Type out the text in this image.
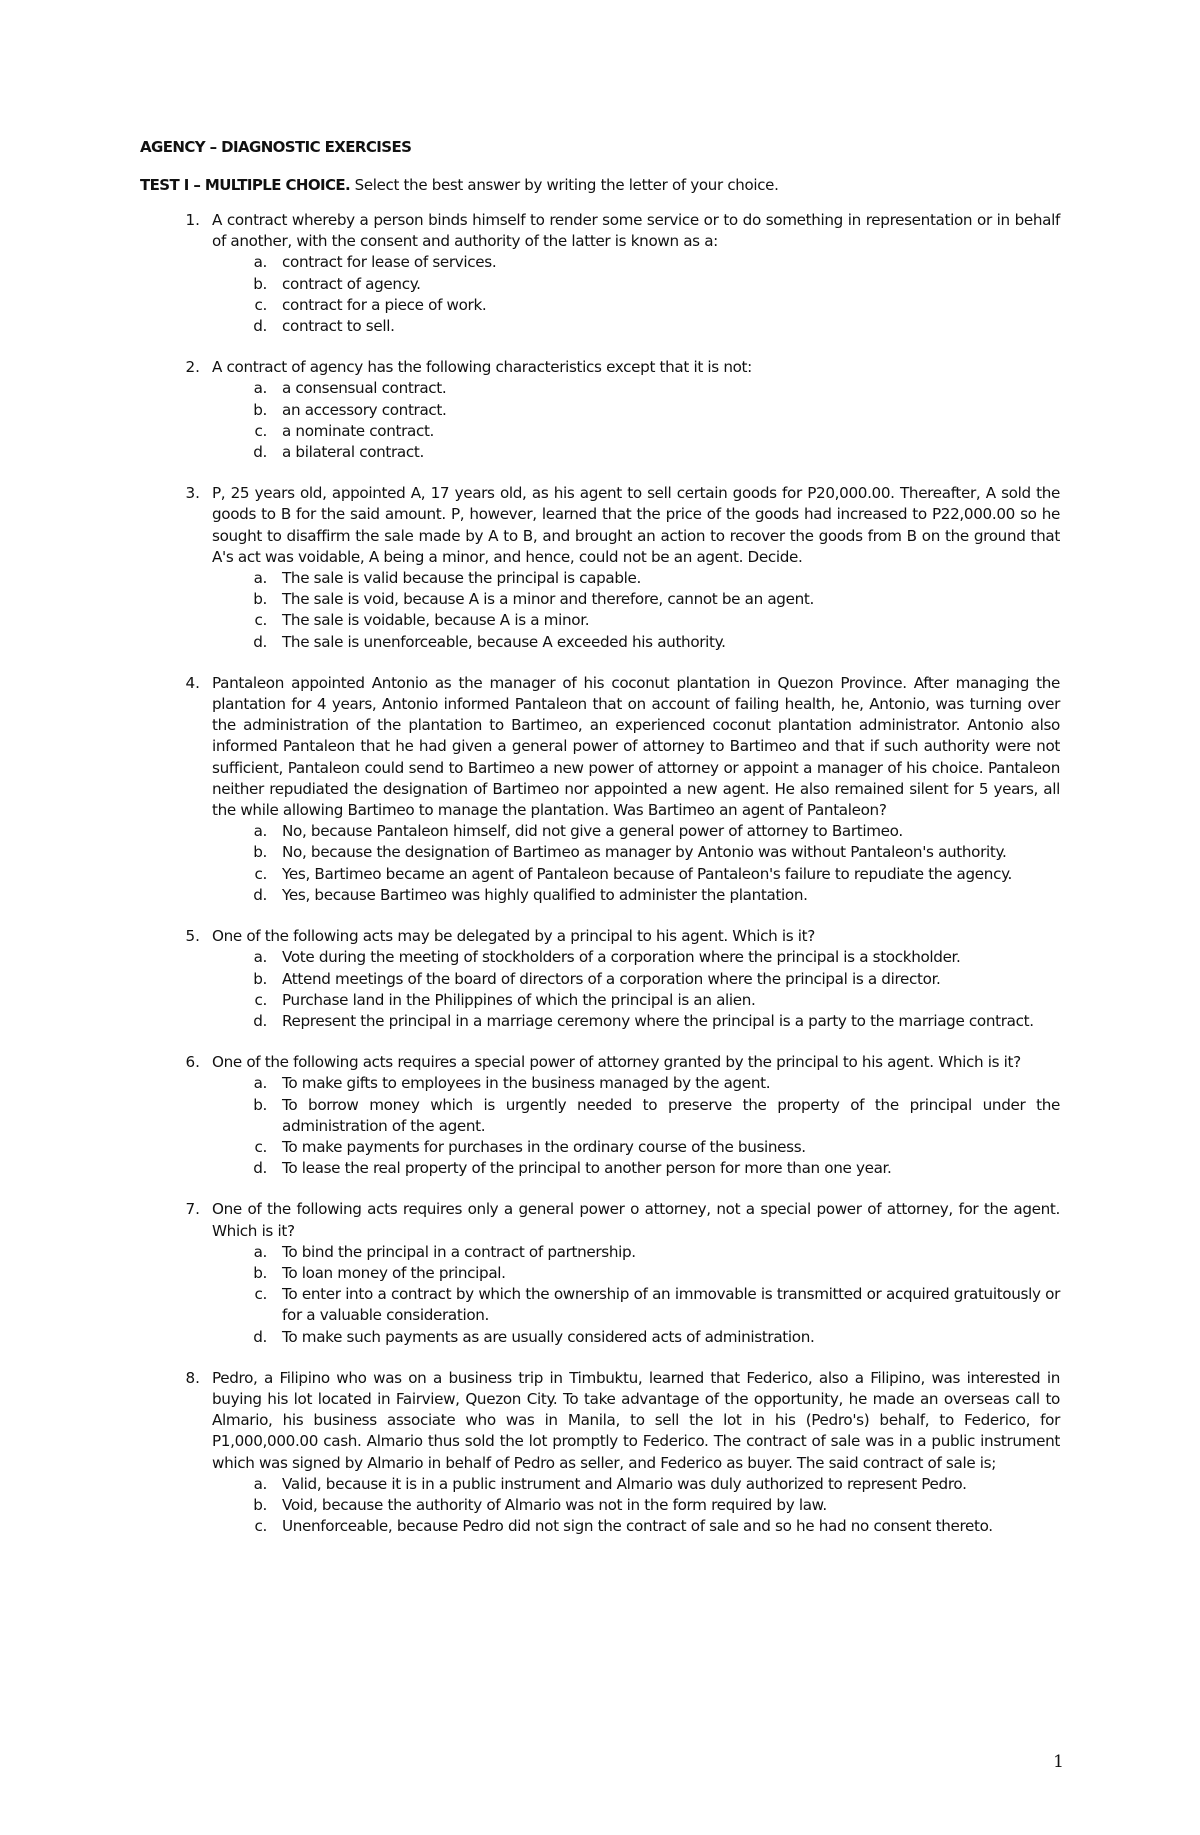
AGENCY – DIAGNOSTIC EXERCISES
TEST I – MULTIPLE CHOICE. Select the best answer by writing the letter of your choice.
1. A contract whereby a person binds himself to render some service or to do something in representation or in behalf of another, with the consent and authority of the latter is known as a:

a. contract for lease of services.
b. contract of agency.
c. contract for a piece of work.
d. contract to sell.
2. A contract of agency has the following characteristics except that it is not:

a. a consensual contract.
b. an accessory contract.
c. a nominate contract.
d. a bilateral contract.
3. P, 25 years old, appointed A, 17 years old, as his agent to sell certain goods for P20,000.00. Thereafter, A sold the goods to B for the said amount. P, however, learned that the price of the goods had increased to P22,000.00 so he sought to disaffirm the sale made by A to B, and brought an action to recover the goods from B on the ground that A's act was voidable, A being a minor, and hence, could not be an agent. Decide.

a. The sale is valid because the principal is capable.
b. The sale is void, because A is a minor and therefore, cannot be an agent.
c. The sale is voidable, because A is a minor.
d. The sale is unenforceable, because A exceeded his authority.
4. Pantaleon appointed Antonio as the manager of his coconut plantation in Quezon Province. After managing the plantation for 4 years, Antonio informed Pantaleon that on account of failing health, he, Antonio, was turning over the administration of the plantation to Bartimeo, an experienced coconut plantation administrator. Antonio also informed Pantaleon that he had given a general power of attorney to Bartimeo and that if such authority were not sufficient, Pantaleon could send to Bartimeo a new power of attorney or appoint a manager of his choice. Pantaleon neither repudiated the designation of Bartimeo nor appointed a new agent. He also remained silent for 5 years, all the while allowing Bartimeo to manage the plantation. Was Bartimeo an agent of Pantaleon?

a. No, because Pantaleon himself, did not give a general power of attorney to Bartimeo.
b. No, because the designation of Bartimeo as manager by Antonio was without Pantaleon's authority.
c. Yes, Bartimeo became an agent of Pantaleon because of Pantaleon's failure to repudiate the agency.
d. Yes, because Bartimeo was highly qualified to administer the plantation.
5. One of the following acts may be delegated by a principal to his agent. Which is it?

a. Vote during the meeting of stockholders of a corporation where the principal is a stockholder.
b. Attend meetings of the board of directors of a corporation where the principal is a director.
c. Purchase land in the Philippines of which the principal is an alien.
d. Represent the principal in a marriage ceremony where the principal is a party to the marriage contract.
6. One of the following acts requires a special power of attorney granted by the principal to his agent. Which is it?

a. To make gifts to employees in the business managed by the agent.
b. To borrow money which is urgently needed to preserve the property of the principal under the administration of the agent.
c. To make payments for purchases in the ordinary course of the business.
d. To lease the real property of the principal to another person for more than one year.
7. One of the following acts requires only a general power o attorney, not a special power of attorney, for the agent. Which is it?

a. To bind the principal in a contract of partnership.
b. To loan money of the principal.
c. To enter into a contract by which the ownership of an immovable is transmitted or acquired gratuitously or for a valuable consideration.
d. To make such payments as are usually considered acts of administration.
8. Pedro, a Filipino who was on a business trip in Timbuktu, learned that Federico, also a Filipino, was interested in buying his lot located in Fairview, Quezon City. To take advantage of the opportunity, he made an overseas call to Almario, his business associate who was in Manila, to sell the lot in his (Pedro's) behalf, to Federico, for P1,000,000.00 cash. Almario thus sold the lot promptly to Federico. The contract of sale was in a public instrument which was signed by Almario in behalf of Pedro as seller, and Federico as buyer. The said contract of sale is;

a. Valid, because it is in a public instrument and Almario was duly authorized to represent Pedro.
b. Void, because the authority of Almario was not in the form required by law.
c. Unenforceable, because Pedro did not sign the contract of sale and so he had no consent thereto.
1
